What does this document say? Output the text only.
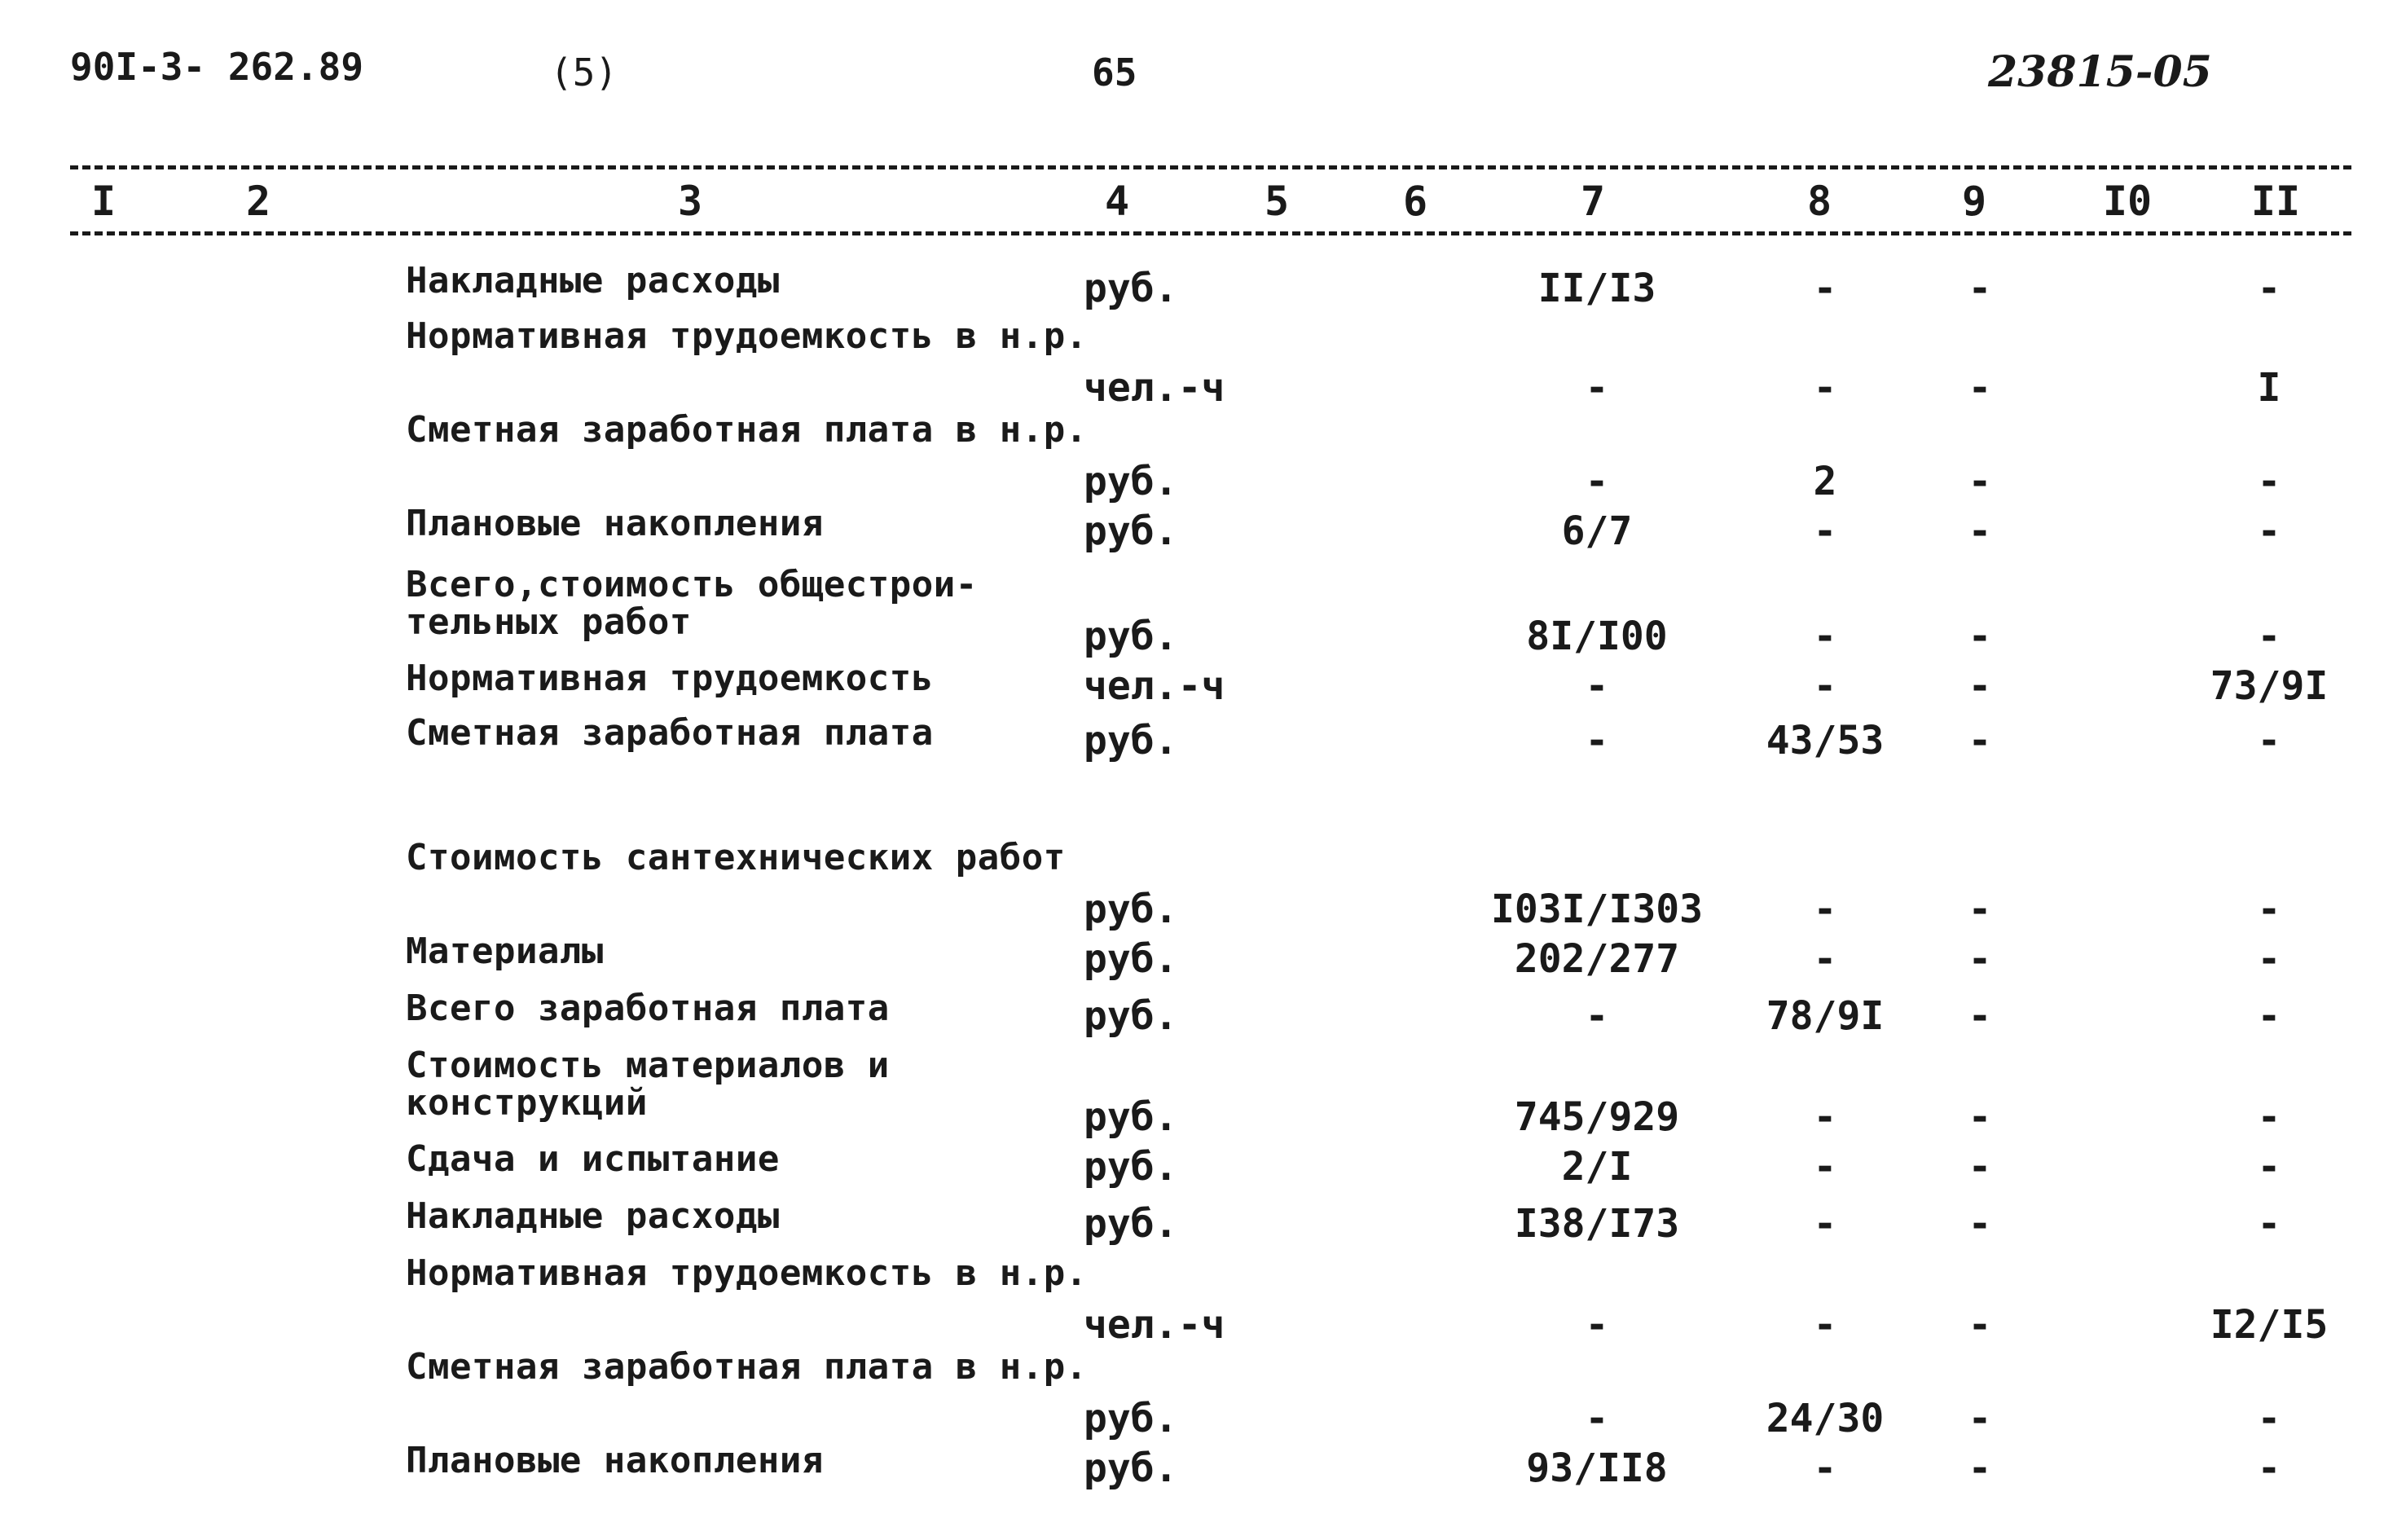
90I-3- 262.89	(5)	65	23815-05
I	2	3	4	5	6	7	8	9	I0 II
Накладные расходы	руб.	II/I3	-	-	-
Нормативная трудоемкость в н.р.
чел.-ч	-	-	-	I
Сметная заработная плата в н.р.
руб.	-	2	-	-
Плановые накопления	руб.	6/7	-	-	-
Всего,стоимость общестрои- тельных работ	руб.	8I/I00	-	-	-
Нормативная трудоемкость	чел.-ч	-	-	-	73/9I
Сметная заработная плата	руб.	-	43/53	-	-
Стоимость сантехнических работ
руб.	I03I/I303	-	-	-
Материалы	руб.	202/277	-	-	-
Всего заработная плата	руб.	-	78/9I	-	-
Стоимость материалов и конструкций	руб.	745/929	-	-	-
Сдача и испытание	руб.	2/I	-	-	-
Накладные расходы	руб.	I38/I73	-	-	-
Нормативная трудоемкость в н.р.
чел.-ч	-	-	-	I2/I5
Сметная заработная плата в н.р.
руб.	-	24/30	-	-
Плановые накопления	руб.	93/II8	-	-	-
